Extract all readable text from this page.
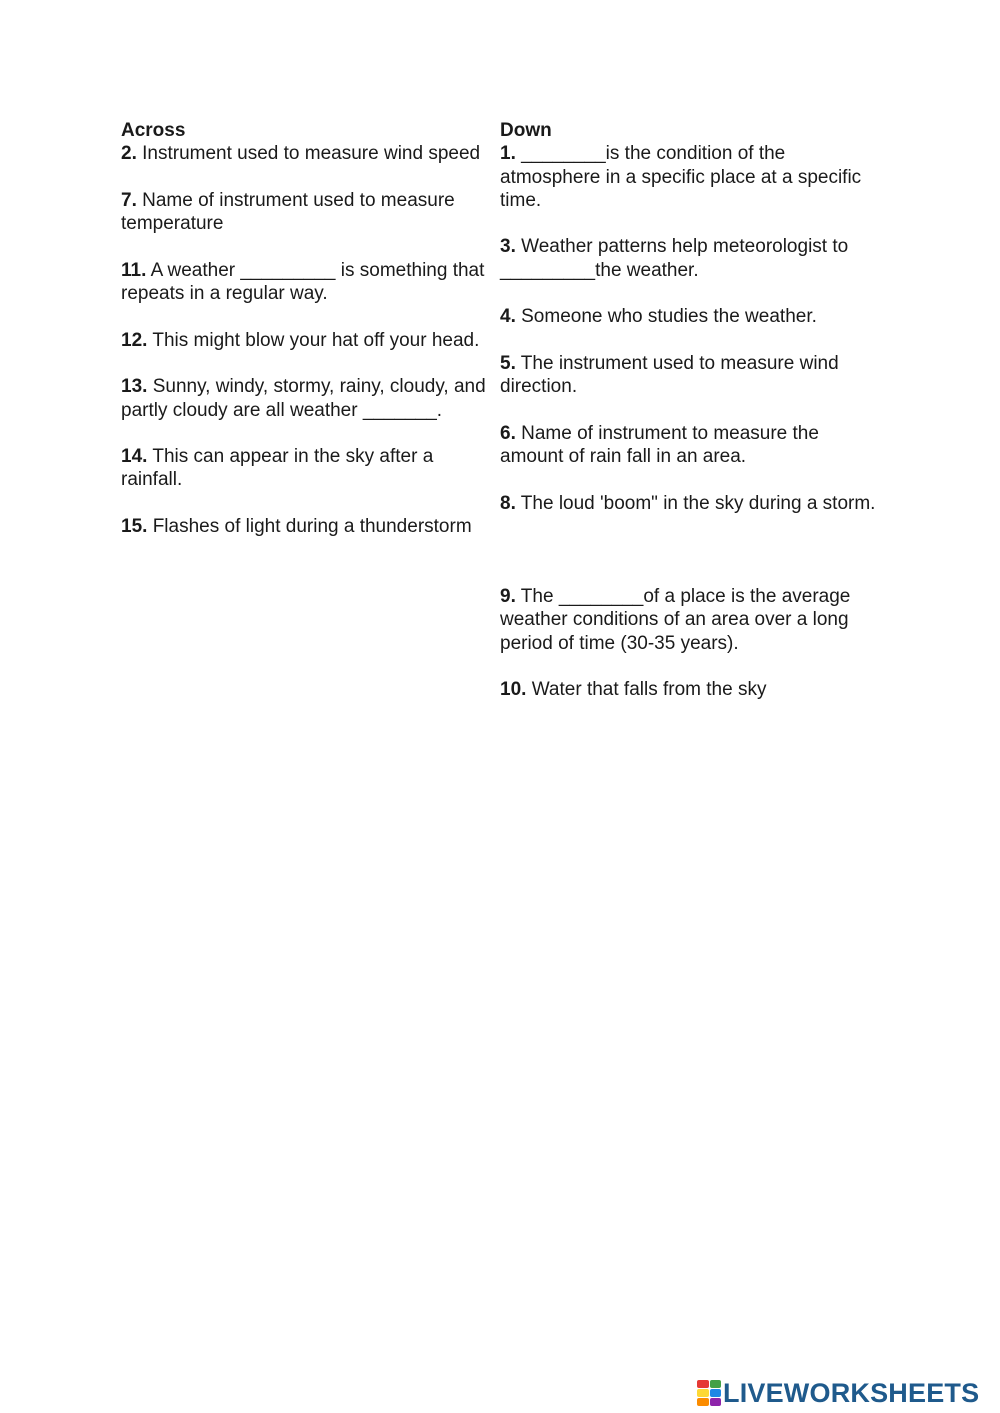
Across
2. Instrument used to measure wind speed
7. Name of instrument used to measure temperature
11. A weather _________ is something that repeats in a regular way.
12. This might blow your hat off your head.
13. Sunny, windy, stormy, rainy, cloudy, and partly cloudy are all weather _______.
14. This can appear in the sky after a rainfall.
15. Flashes of light during a thunderstorm
Down
1. ________is the condition of the atmosphere in a specific place at a specific time.
3. Weather patterns help meteorologist to _________the weather.
4. Someone who studies the weather.
5. The instrument used to measure wind direction.
6. Name of instrument to measure the amount of rain fall in an area.
8. The loud 'boom" in the sky during a storm.
9. The ________of a place is the average weather conditions of an area over a long period of time (30-35 years).
10. Water that falls from the sky
LIVEWORKSHEETS
